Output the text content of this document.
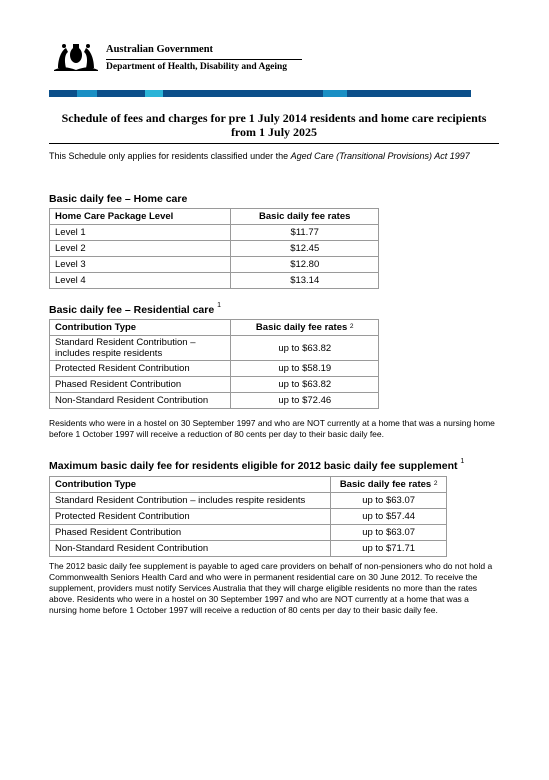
Australian Government
Department of Health, Disability and Ageing
Schedule of fees and charges for pre 1 July 2014 residents and home care recipients
from 1 July 2025
This Schedule only applies for residents classified under the Aged Care (Transitional Provisions) Act 1997
Basic daily fee – Home care
Home Care Package Level	Basic daily fee rates
Level 1	$11.77
Level 2	$12.45
Level 3	$12.80
Level 4	$13.14
Basic daily fee – Residential care $^1$
Contribution Type	Basic daily fee rates $^2$
Standard Resident Contribution – includes respite residents	up to $63.82
Protected Resident Contribution	up to $58.19
Phased Resident Contribution	up to $63.82
Non-Standard Resident Contribution	up to $72.46

Residents who were in a hostel on 30 September 1997 and who are NOT currently at a home that was a nursing home before 1 October 1997 will receive a reduction of 80 cents per day to their basic daily fee.

Maximum basic daily fee for residents eligible for 2012 basic daily fee supplement $^1$
Contribution Type	Basic daily fee rates $^2$
Standard Resident Contribution – includes respite residents	up to $63.07
Protected Resident Contribution	up to $57.44
Phased Resident Contribution	up to $63.07
Non-Standard Resident Contribution	up to $71.71

The 2012 basic daily fee supplement is payable to aged care providers on behalf of non-pensioners who do not hold a Commonwealth Seniors Health Card and who were in permanent residential care on 30 June 2012. To receive the supplement, providers must notify Services Australia that they will charge eligible residents no more than the rates above. Residents who were in a hostel on 30 September 1997 and who are NOT currently at a home that was a nursing home before 1 October 1997 will receive a reduction of 80 cents per day to their basic daily fee.
